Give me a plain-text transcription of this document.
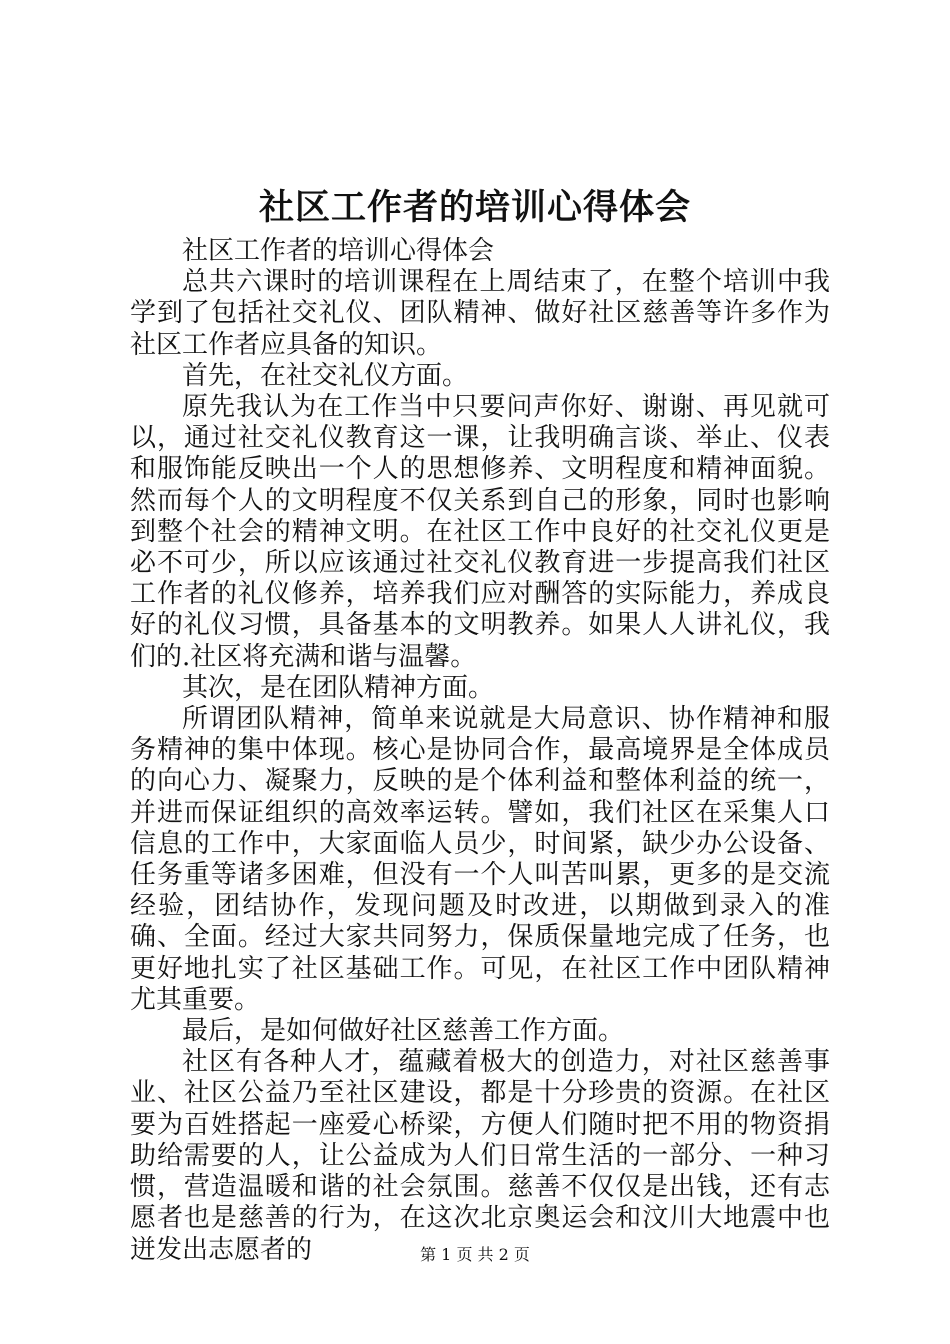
社区工作者的培训心得体会

社区工作者的培训心得体会

总共六课时的培训课程在上周结束了，在整个培训中我学到了包括社交礼仪、团队精神、做好社区慈善等许多作为社区工作者应具备的知识。

首先，在社交礼仪方面。

原先我认为在工作当中只要问声你好、谢谢、再见就可以，通过社交礼仪教育这一课，让我明确言谈、举止、仪表和服饰能反映出一个人的思想修养、文明程度和精神面貌。然而每个人的文明程度不仅关系到自己的形象，同时也影响到整个社会的精神文明。在社区工作中良好的社交礼仪更是必不可少，所以应该通过社交礼仪教育进一步提高我们社区工作者的礼仪修养，培养我们应对酬答的实际能力，养成良好的礼仪习惯，具备基本的文明教养。如果人人讲礼仪，我们的.社区将充满和谐与温馨。

其次，是在团队精神方面。

所谓团队精神，简单来说就是大局意识、协作精神和服务精神的集中体现。核心是协同合作，最高境界是全体成员的向心力、凝聚力，反映的是个体利益和整体利益的统一，并进而保证组织的高效率运转。譬如，我们社区在采集人口信息的工作中，大家面临人员少，时间紧，缺少办公设备、任务重等诸多困难，但没有一个人叫苦叫累，更多的是交流经验，团结协作，发现问题及时改进，以期做到录入的准确、全面。经过大家共同努力，保质保量地完成了任务，也更好地扎实了社区基础工作。可见，在社区工作中团队精神尤其重要。

最后，是如何做好社区慈善工作方面。

社区有各种人才，蕴藏着极大的创造力，对社区慈善事业、社区公益乃至社区建设，都是十分珍贵的资源。在社区要为百姓搭起一座爱心桥梁，方便人们随时把不用的物资捐助给需要的人，让公益成为人们日常生活的一部分、一种习惯，营造温暖和谐的社会氛围。慈善不仅仅是出钱，还有志愿者也是慈善的行为，在这次北京奥运会和汶川大地震中也迸发出志愿者的	第 1 页 共 2 页
